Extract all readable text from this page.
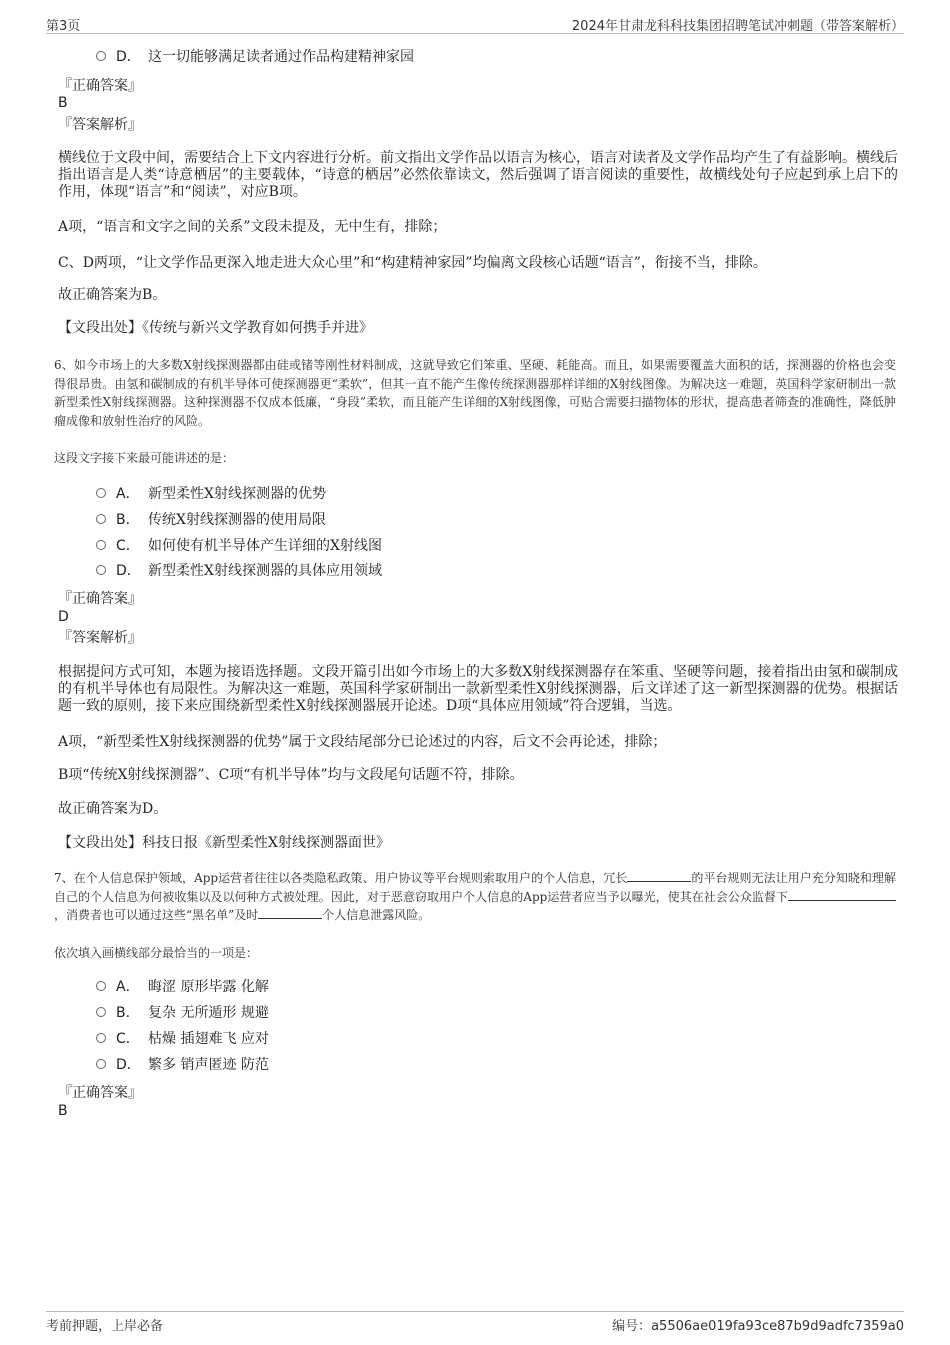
第3页	2024年甘肃龙科科技集团招聘笔试冲刺题（带答案解析）
D． 这一切能够满足读者通过作品构建精神家园
『正确答案』
B
『答案解析』
横线位于文段中间，需要结合上下文内容进行分析。前文指出文学作品以语言为核心，语言对读者及文学作品均产生了有益影响。横线后指出语言是人类“诗意栖居”的主要载体，“诗意的栖居”必然依靠读文，然后强调了语言阅读的重要性，故横线处句子应起到承上启下的作用，体现“语言”和“阅读”，对应B项。
A项，“语言和文字之间的关系”文段未提及，无中生有，排除；
C、D两项，“让文学作品更深入地走进大众心里”和“构建精神家园”均偏离文段核心话题“语言”，衔接不当，排除。
故正确答案为B。
【文段出处】《传统与新兴文学教育如何携手并进》
6、如今市场上的大多数X射线探测器都由硅或锗等刚性材料制成，这就导致它们笨重、坚硬、耗能高。而且，如果需要覆盖大面积的话，探测器的价格也会变得很昂贵。由氢和碳制成的有机半导体可使探测器更“柔软”，但其一直不能产生像传统探测器那样详细的X射线图像。为解决这一难题，英国科学家研制出一款新型柔性X射线探测器。这种探测器不仅成本低廉，“身段”柔软，而且能产生详细的X射线图像，可贴合需要扫描物体的形状，提高患者筛查的准确性，降低肿瘤成像和放射性治疗的风险。
这段文字接下来最可能讲述的是：
A． 新型柔性X射线探测器的优势
B． 传统X射线探测器的使用局限
C． 如何使有机半导体产生详细的X射线图
D． 新型柔性X射线探测器的具体应用领域
『正确答案』
D
『答案解析』
根据提问方式可知，本题为接语选择题。文段开篇引出如今市场上的大多数X射线探测器存在笨重、坚硬等问题，接着指出由氢和碳制成的有机半导体也有局限性。为解决这一难题，英国科学家研制出一款新型柔性X射线探测器，后文详述了这一新型探测器的优势。根据话题一致的原则，接下来应围绕新型柔性X射线探测器展开论述。D项“具体应用领域”符合逻辑，当选。
A项，“新型柔性X射线探测器的优势”属于文段结尾部分已论述过的内容，后文不会再论述，排除；
B项“传统X射线探测器”、C项“有机半导体”均与文段尾句话题不符，排除。
故正确答案为D。
【文段出处】科技日报《新型柔性X射线探测器面世》
7、在个人信息保护领域，App运营者往往以各类隐私政策、用户协议等平台规则索取用户的个人信息，冗长	的平台规则无法让用户充分知晓和理解自己的个人信息为何被收集以及以何种方式被处理。因此，对于恶意窃取用户个人信息的App运营者应当予以曝光，使其在社会公众监督下，消费者也可以通过这些“黑名单”及时	个人信息泄露风险。
依次填入画横线部分最恰当的一项是：
A． 晦涩 原形毕露 化解
B． 复杂 无所遁形 规避
C． 枯燥 插翅难飞 应对
D． 繁多 销声匿迹 防范
『正确答案』
B
考前押题，上岸必备	编号：a5506ae019fa93ce87b9d9adfc7359a0
